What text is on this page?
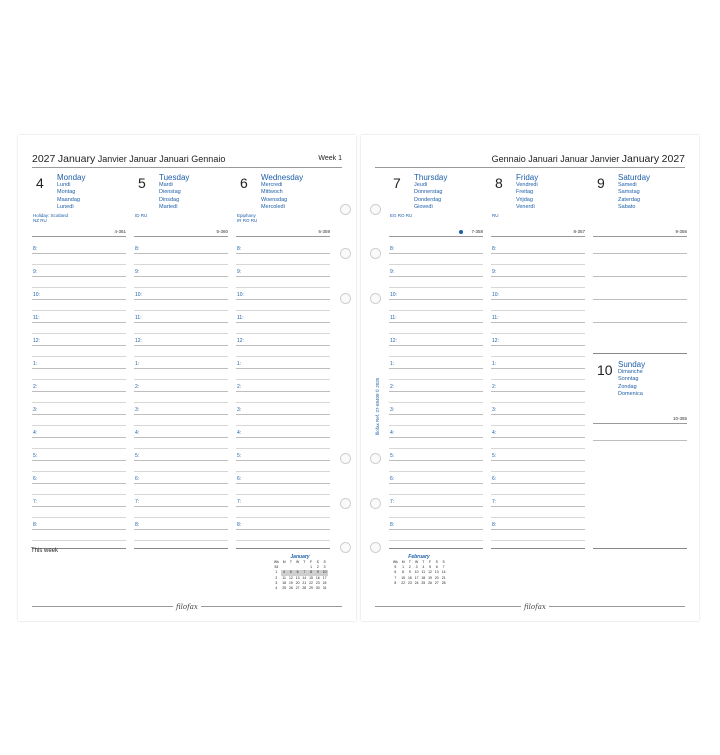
2027 January Janvier Januar Januari Gennaio	Week 1
4 Monday
Lundi
Montag
Maandag
Lunedì
Holiday: Scotland
NZ RU
4-361
8:
9:
10:
11:
12:
1:
2:
3:
4:
5:
6:
7:
8:
5 Tuesday
Mardi
Dienstag
Dinsdag
Martedì
ID RU
5-360
8:
9:
10:
11:
12:
1:
2:
3:
4:
5:
6:
7:
8:
6 Wednesday
Mercredi
Mittwoch
Woensdag
Mercoledì
Epiphany
IR RO RU
6-359
8:
9:
10:
11:
12:
1:
2:
3:
4:
5:
6:
7:
8:
This week
January
Wk	M	T	W	T	F	S	S
53					1	2	3
1	4	5	6	7	8	9	10
2	11	12	13	14	15	16	17
3	18	19	20	21	22	23	24
4	25	26	27	28	29	30	31
filofax
Gennaio Januari Januar Janvier January 2027
filofax Ref. 27-68408 © 2025
7 Thursday
Jeudi
Donnerstag
Donderdag
Giovedì
EG RO RU
7-358
8:
9:
10:
11:
12:
1:
2:
3:
4:
5:
6:
7:
8:
8 Friday
Vendredi
Freitag
Vrijdag
Venerdì
RU
8-357
8:
9:
10:
11:
12:
1:
2:
3:
4:
5:
6:
7:
8:
9 Saturday
Samedi
Samstag
Zaterdag
Sabato
9-356
10 Sunday
Dimanche
Sonntag
Zondag
Domenica
10-355
February
Wk	M	T	W	T	F	S	S
5	1	2	3	4	5	6	7
6	8	9	10	11	12	13	14
7	15	16	17	18	19	20	21
8	22	23	24	25	26	27	28
filofax
